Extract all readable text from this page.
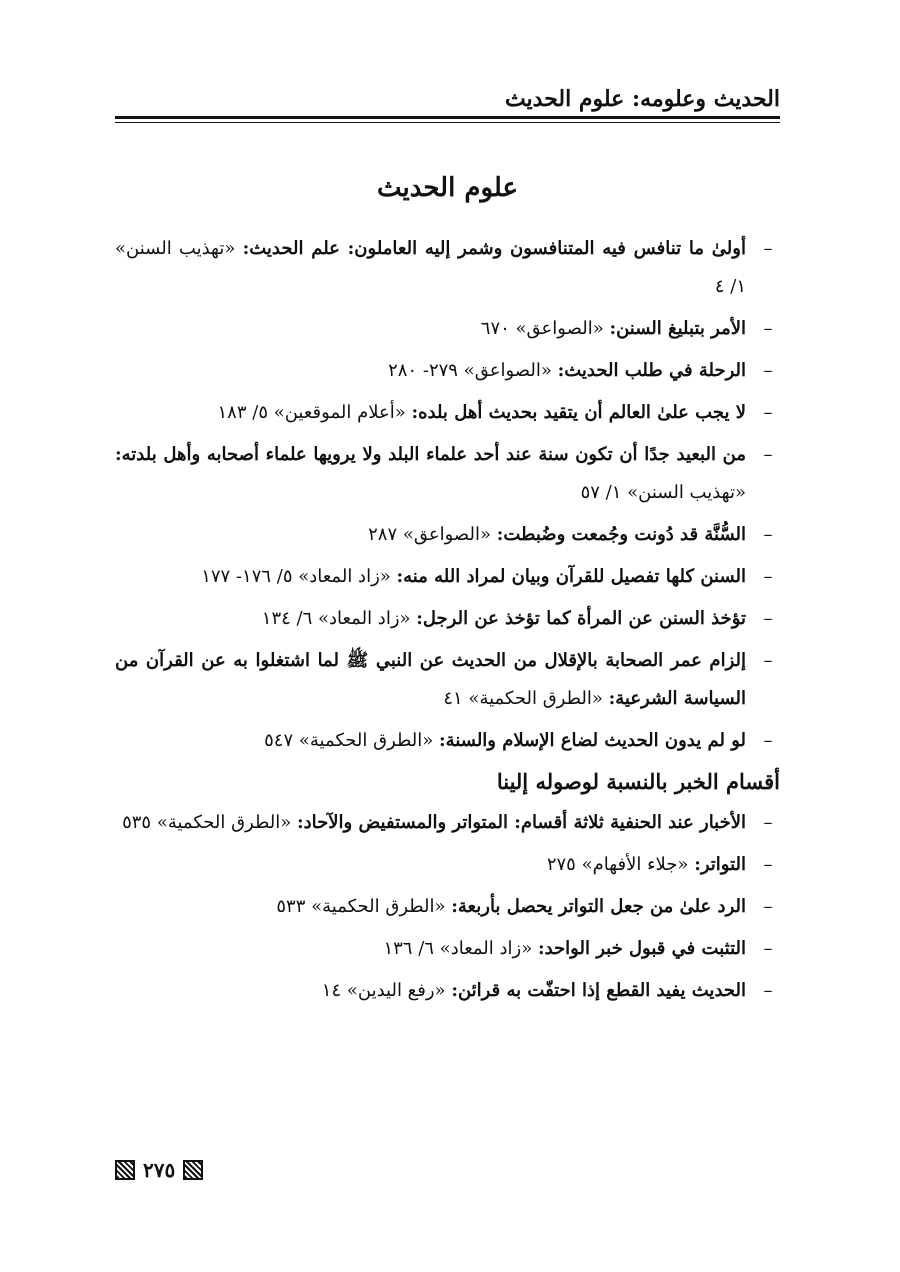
الحديث وعلومه: علوم الحديث
علوم الحديث
–
أولىٰ ما تنافس فيه المتنافسون وشمر إليه العاملون: علم الحديث: «تهذيب السنن» ١/ ٤
–
الأمر بتبليغ السنن: «الصواعق» ٦٧٠
–
الرحلة في طلب الحديث: «الصواعق» ٢٧٩- ٢٨٠
–
لا يجب علىٰ العالم أن يتقيد بحديث أهل بلده: «أعلام الموقعين» ٥/ ١٨٣
–
من البعيد جدًا أن تكون سنة عند أحد علماء البلد ولا يرويها علماء أصحابه وأهل بلدته: «تهذيب السنن» ١/ ٥٧
–
السُّنَّة قد دُونت وجُمعت وضُبطت: «الصواعق» ٢٨٧
–
السنن كلها تفصيل للقرآن وبيان لمراد الله منه: «زاد المعاد» ٥/ ١٧٦- ١٧٧
–
تؤخذ السنن عن المرأة كما تؤخذ عن الرجل: «زاد المعاد» ٦/ ١٣٤
–
إلزام عمر الصحابة بالإقلال من الحديث عن النبي ﷺ لما اشتغلوا به عن القرآن من السياسة الشرعية: «الطرق الحكمية» ٤١
–
لو لم يدون الحديث لضاع الإسلام والسنة: «الطرق الحكمية» ٥٤٧
أقسام الخبر بالنسبة لوصوله إلينا
–
الأخبار عند الحنفية ثلاثة أقسام: المتواتر والمستفيض والآحاد: «الطرق الحكمية» ٥٣٥
–
التواتر: «جلاء الأفهام» ٢٧٥
–
الرد علىٰ من جعل التواتر يحصل بأربعة: «الطرق الحكمية» ٥٣٣
–
التثبت في قبول خبر الواحد: «زاد المعاد» ٦/ ١٣٦
–
الحديث يفيد القطع إذا احتفّت به قرائن: «رفع اليدين» ١٤
٢٧٥
